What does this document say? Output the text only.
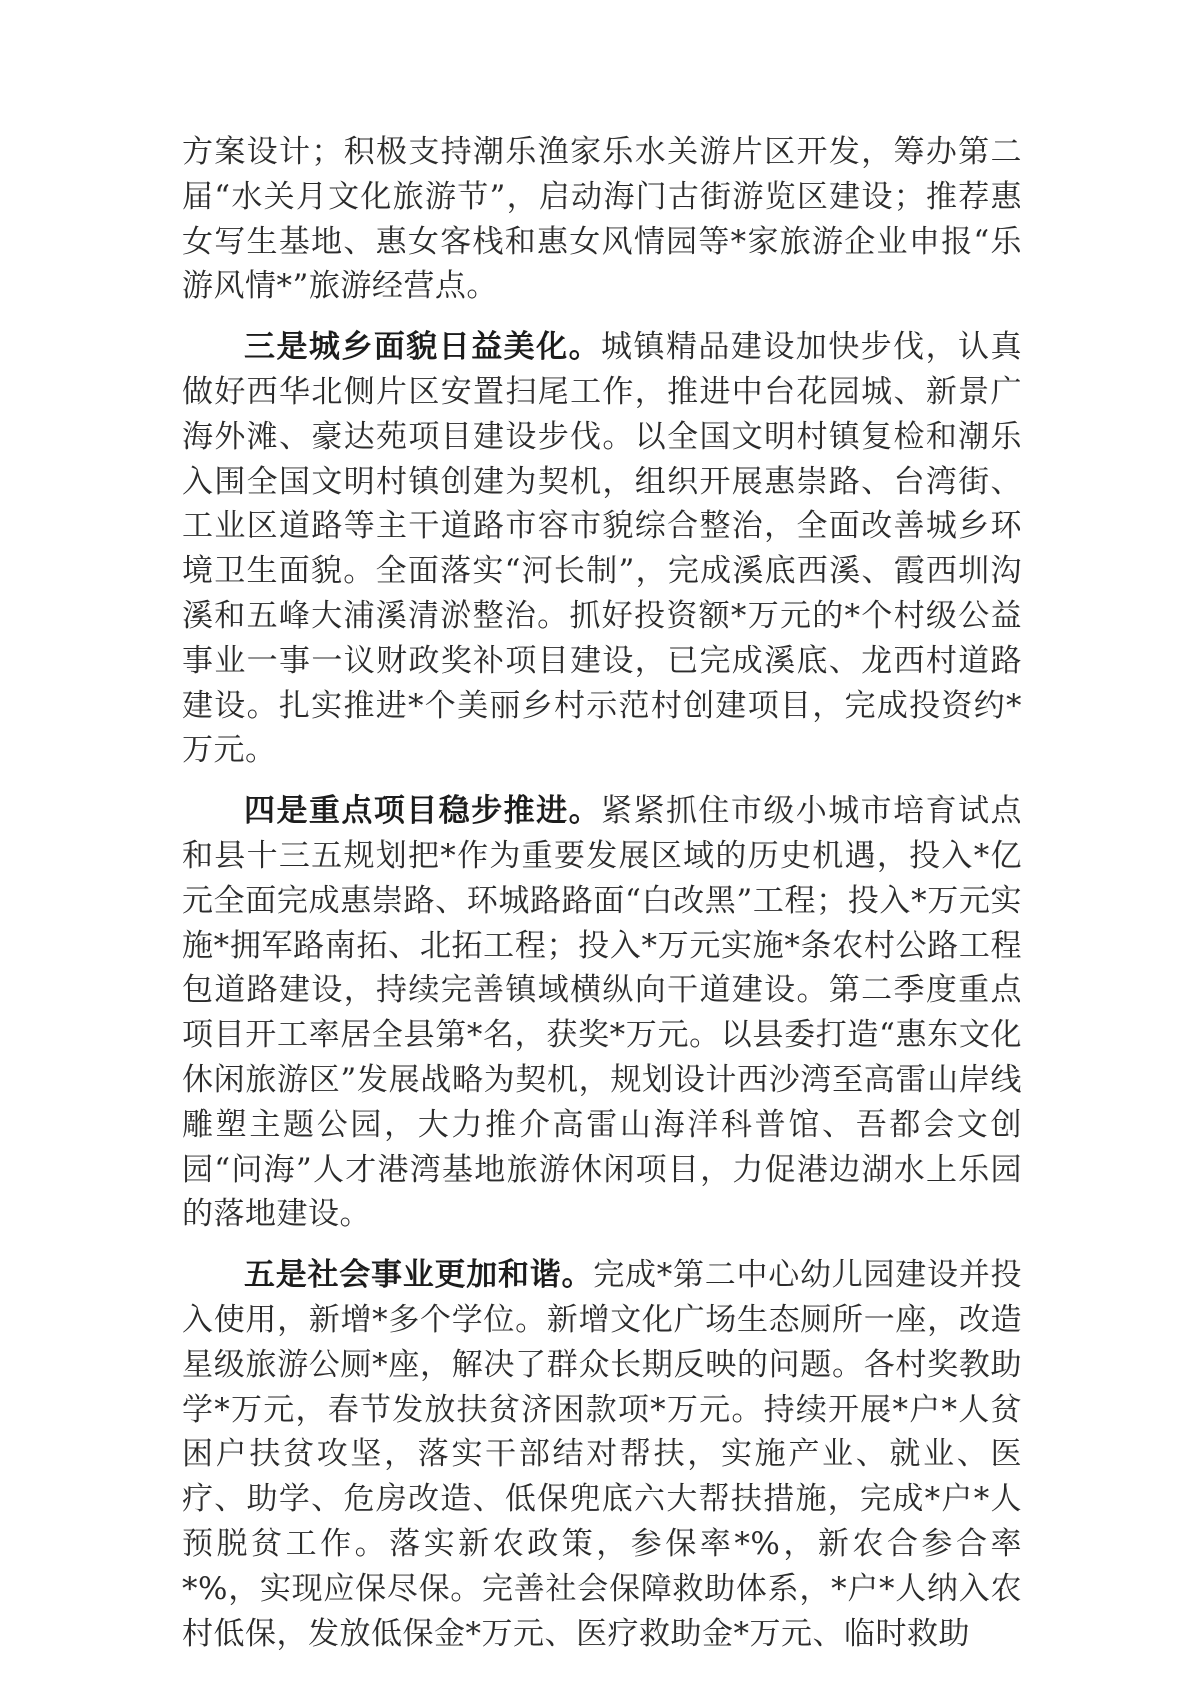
方案设计；积极支持潮乐渔家乐水关游片区开发，筹办第二届“水关月文化旅游节”，启动海门古街游览区建设；推荐惠女写生基地、惠女客栈和惠女风情园等*家旅游企业申报“乐游风情*”旅游经营点。

三是城乡面貌日益美化。城镇精品建设加快步伐，认真做好西华北侧片区安置扫尾工作，推进中台花园城、新景广海外滩、豪达苑项目建设步伐。以全国文明村镇复检和潮乐入围全国文明村镇创建为契机，组织开展惠崇路、台湾街、工业区道路等主干道路市容市貌综合整治，全面改善城乡环境卫生面貌。全面落实“河长制”，完成溪底西溪、霞西圳沟溪和五峰大浦溪清淤整治。抓好投资额*万元的*个村级公益事业一事一议财政奖补项目建设，已完成溪底、龙西村道路建设。扎实推进*个美丽乡村示范村创建项目，完成投资约*万元。

四是重点项目稳步推进。紧紧抓住市级小城市培育试点和县十三五规划把*作为重要发展区域的历史机遇，投入*亿元全面完成惠崇路、环城路路面“白改黑”工程；投入*万元实施*拥军路南拓、北拓工程；投入*万元实施*条农村公路工程包道路建设，持续完善镇域横纵向干道建设。第二季度重点项目开工率居全县第*名，获奖*万元。以县委打造“惠东文化休闲旅游区”发展战略为契机，规划设计西沙湾至高雷山岸线雕塑主题公园，大力推介高雷山海洋科普馆、吾都会文创园“问海”人才港湾基地旅游休闲项目，力促港边湖水上乐园的落地建设。

五是社会事业更加和谐。完成*第二中心幼儿园建设并投入使用，新增*多个学位。新增文化广场生态厕所一座，改造星级旅游公厕*座，解决了群众长期反映的问题。各村奖教助学*万元，春节发放扶贫济困款项*万元。持续开展*户*人贫困户扶贫攻坚，落实干部结对帮扶，实施产业、就业、医疗、助学、危房改造、低保兜底六大帮扶措施，完成*户*人预脱贫工作。落实新农政策，参保率*%，新农合参合率*%，实现应保尽保。完善社会保障救助体系，*户*人纳入农村低保，发放低保金*万元、医疗救助金*万元、临时救助
